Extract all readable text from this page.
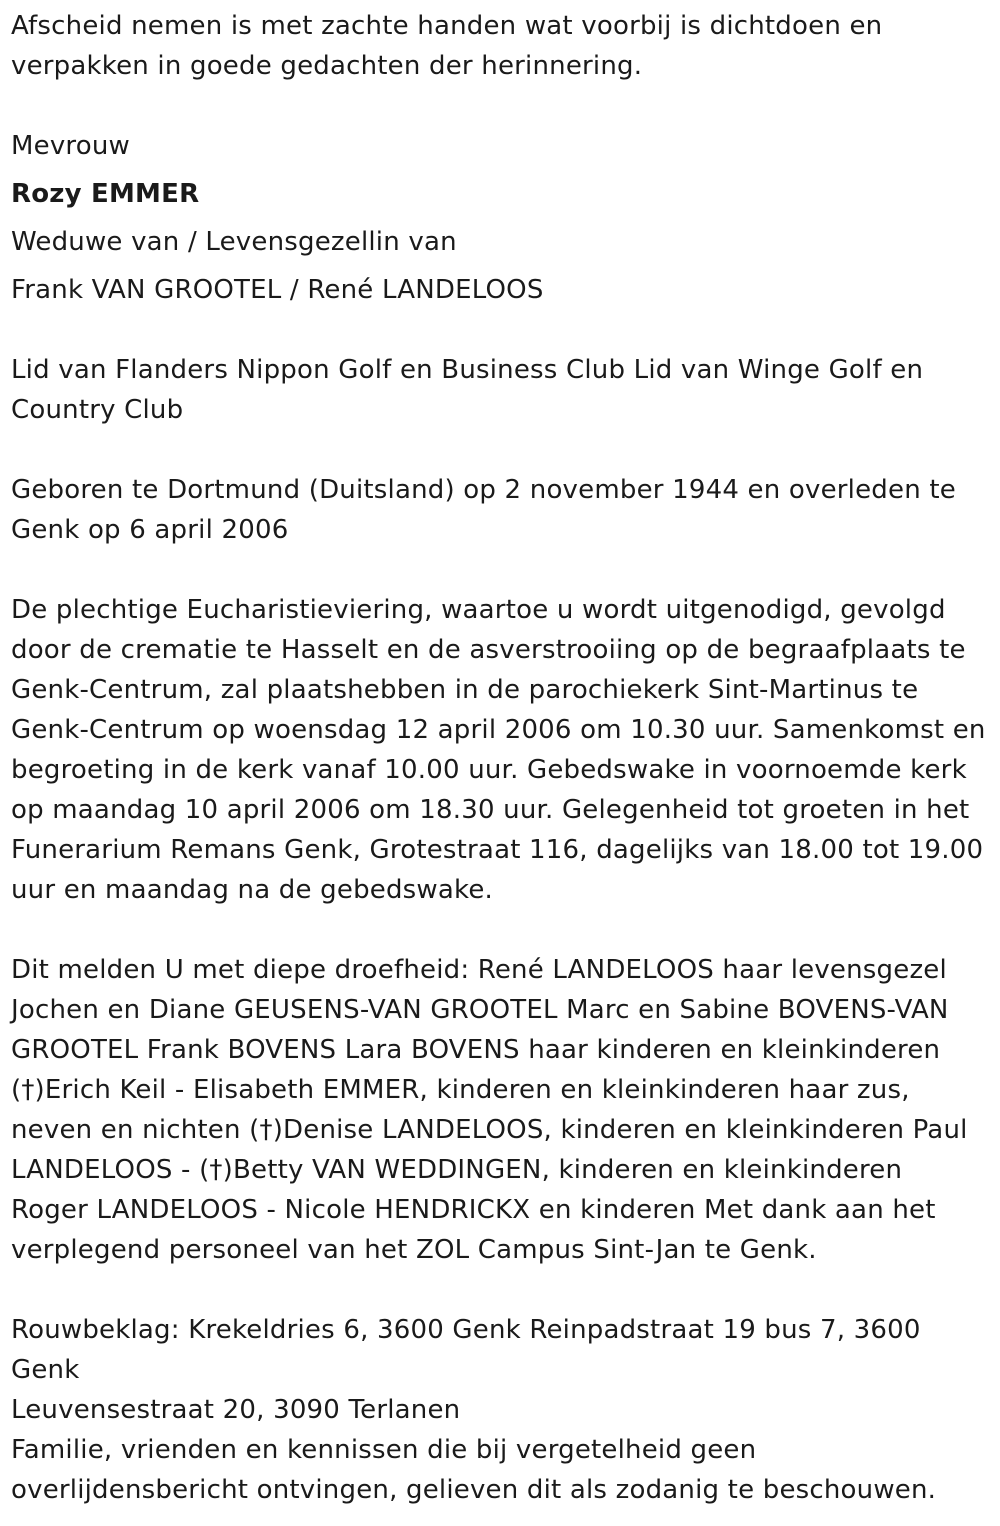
Afscheid nemen is met zachte handen wat voorbij is dichtdoen en
verpakken in goede gedachten der herinnering.

Mevrouw

Rozy EMMER

Weduwe van / Levensgezellin van

Frank VAN GROOTEL / René LANDELOOS

Lid van Flanders Nippon Golf en Business Club Lid van Winge Golf en
Country Club

Geboren te Dortmund (Duitsland) op 2 november 1944 en overleden te
Genk op 6 april 2006

De plechtige Eucharistieviering, waartoe u wordt uitgenodigd, gevolgd
door de crematie te Hasselt en de asverstrooiing op de begraafplaats te
Genk-Centrum, zal plaatshebben in de parochiekerk Sint-Martinus te
Genk-Centrum op woensdag 12 april 2006 om 10.30 uur. Samenkomst en
begroeting in de kerk vanaf 10.00 uur. Gebedswake in voornoemde kerk
op maandag 10 april 2006 om 18.30 uur. Gelegenheid tot groeten in het
Funerarium Remans Genk, Grotestraat 116, dagelijks van 18.00 tot 19.00
uur en maandag na de gebedswake.

Dit melden U met diepe droefheid: René LANDELOOS haar levensgezel
Jochen en Diane GEUSENS-VAN GROOTEL Marc en Sabine BOVENS-VAN
GROOTEL Frank BOVENS Lara BOVENS haar kinderen en kleinkinderen
(†)Erich Keil - Elisabeth EMMER, kinderen en kleinkinderen haar zus,
neven en nichten (†)Denise LANDELOOS, kinderen en kleinkinderen Paul
LANDELOOS - (†)Betty VAN WEDDINGEN, kinderen en kleinkinderen
Roger LANDELOOS - Nicole HENDRICKX en kinderen Met dank aan het
verplegend personeel van het ZOL Campus Sint-Jan te Genk.

Rouwbeklag: Krekeldries 6, 3600 Genk Reinpadstraat 19 bus 7, 3600 Genk
Leuvensestraat 20, 3090 Terlanen

Familie, vrienden en kennissen die bij vergetelheid geen
overlijdensbericht ontvingen, gelieven dit als zodanig te beschouwen.
